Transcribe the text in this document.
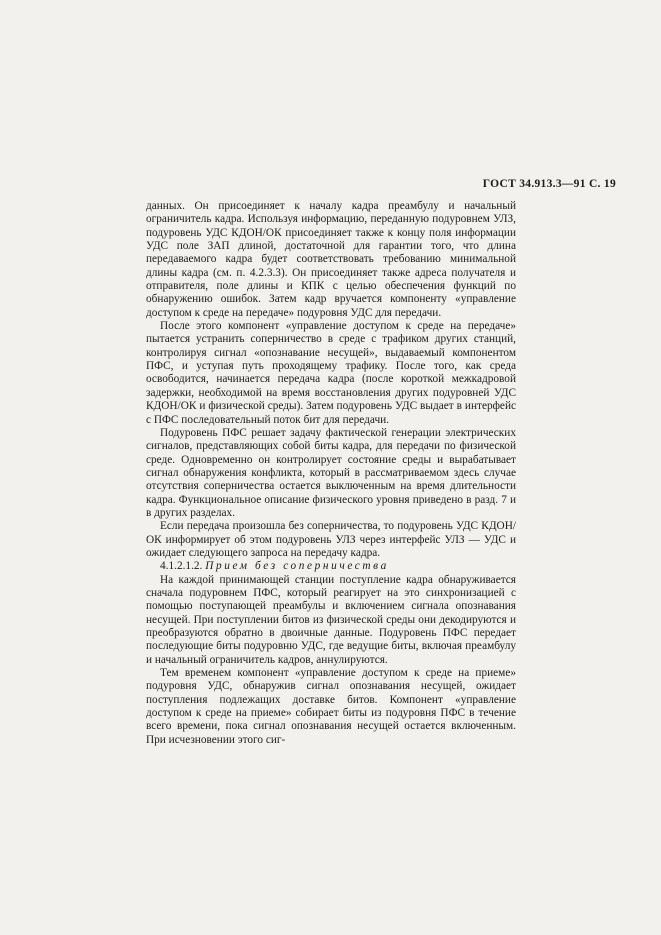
ГОСТ 34.913.3—91 С. 19

данных. Он присоединяет к началу кадра преамбулу и начальный ограничитель кадра. Используя информацию, переданную подуровнем УЛЗ, подуровень УДС КДОН/ОК присоединяет также к концу поля информации УДС поле ЗАП длиной, достаточной для гарантии того, что длина передаваемого кадра будет соответствовать требованию минимальной длины кадра (см. п. 4.2.3.3). Он присоединяет также адреса получателя и отправителя, поле длины и КПК с целью обеспечения функций по обнаружению ошибок. Затем кадр вручается компоненту «управление доступом к среде на передаче» подуровня УДС для передачи.

После этого компонент «управление доступом к среде на передаче» пытается устранить соперничество в среде с трафиком других станций, контролируя сигнал «опознавание несущей», выдаваемый компонентом ПФС, и уступая путь проходящему трафику. После того, как среда освободится, начинается передача кадра (после короткой межкадровой задержки, необходимой на время восстановления других подуровней УДС КДОН/ОК и физической среды). Затем подуровень УДС выдает в интерфейс с ПФС последовательный поток бит для передачи.

Подуровень ПФС решает задачу фактической генерации электрических сигналов, представляющих собой биты кадра, для передачи по физической среде. Одновременно он контролирует состояние среды и вырабатывает сигнал обнаружения конфликта, который в рассматриваемом здесь случае отсутствия соперничества остается выключенным на время длительности кадра. Функциональное описание физического уровня приведено в разд. 7 и в других разделах.

Если передача произошла без соперничества, то подуровень УДС КДОН/ОК информирует об этом подуровень УЛЗ через интерфейс УЛЗ — УДС и ожидает следующего запроса на передачу кадра.

4.1.2.1.2. Прием без соперничества

На каждой принимающей станции поступление кадра обнаруживается сначала подуровнем ПФС, который реагирует на это синхронизацией с помощью поступающей преамбулы и включением сигнала опознавания несущей. При поступлении битов из физической среды они декодируются и преобразуются обратно в двоичные данные. Подуровень ПФС передает последующие биты подуровню УДС, где ведущие биты, включая преамбулу и начальный ограничитель кадров, аннулируются.

Тем временем компонент «управление доступом к среде на приеме» подуровня УДС, обнаружив сигнал опознавания несущей, ожидает поступления подлежащих доставке битов. Компонент «управление доступом к среде на приеме» собирает биты из подуровня ПФС в течение всего времени, пока сигнал опознавания несущей остается включенным. При исчезновении этого сиг-
